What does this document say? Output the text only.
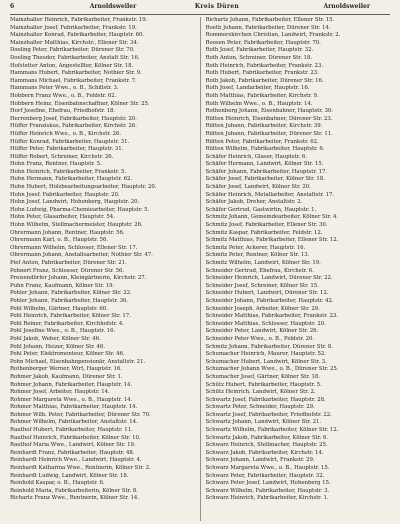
6	Arnoldsweiler	Kreis Düren	Arnoldsweiler
Mainzhalter Heinrich, Fabrikarbeiter, Frankstr. 19.
Mainzhalter Josef, Fabrikarbeiter, Frankstr. 19.
Mainzhalter Konrad, Fabrikarbeiter, Hauptstr. 60.
Mainzhalter Matthias, Kirchstr., Ellener Str. 34.
Doeling Peter, Fabrikarbeiter, Dürener Str. 70.
Doeling Theodor, Fabrikarbeiter, Anstalt Str. 16.
Hofstetter Anton, Angestellter, Kölner Str. 18.
Hammans Hubert, Fabrikarbeiter, Nothier Str. 9.
Hammans Michael, Fabrikarbeiter, Frankstr. 7.
Hammans Peter Wwe., o. B., Schillstr. 3.
Hobbern Franz Wwe., o. B., Feldstr. 62.
Hobbern Heinz, Eisenbahnschaffner, Kölner Str. 25.
Horf Josefine, Ehefrau, Friedhofstr. 18.
Herrenberg Josef, Fabrikarbeiter, Hauptstr. 20.
Hüffer Franziskus, Fabrikarbeiter, Kirchstr. 26.
Hüffer Heinrich Wwe., o. B., Kirchstr. 26.
Hüffer Konrad, Fabrikarbeiter, Hauptstr. 31.
Hüffer Peter, Fabrikarbeiter, Hauptstr. 31.
Hüffer Robert, Schreiner, Kirchstr. 26.
Hohn Franz, Rentner, Hauptstr. 5.
Hohn Heinrich, Fabrikarbeiter, Frankstr. 5.
Hohn Hermann, Fabrikarbeiter, Hauptstr. 62.
Hohn Hubert, Holzbearbeitungsarbeiter, Hauptstr. 20.
Hohn Josef, Fabrikarbeiter, Hauptstr. 20.
Hohn Josef, Landwirt, Hohenberg, Hauptstr. 20.
Hohn Ludwig, Pharma-Chemiearbeiter, Hauptstr. 5.
Hohn Peter, Glasarbeiter, Hauptstr. 54.
Hohn Wilhelm, Stellmachermeister, Hauptstr. 26.
Ohrermann Johann, Rentner, Hauptstr. 56.
Ohrermann Karl, o. B., Hauptstr. 56.
Ohrermann Wilhelm, Schlosser, Ellener Str. 17.
Ohrermann Johann, Anstaltsarbeiter, Nothier Str. 47.
Pief Anton, Fabrikarbeiter, Dürener Str. 21.
Pohnert Franz, Schlosser, Dürener Str. 56.
Preisendörfer Johann, Kleingärtnerin, Kirchstr. 27.
Puhn Franz, Kaufmann, Kölner Str. 19.
Pohler Johann, Fabrikarbeiter, Kölner Str. 22.
Pohler Johann, Fabrikarbeiter, Hauptstr. 36.
Pohl Wilhelm, Gärtner, Hauptstr. 60.
Pohl Heinrich, Fabrikarbeiter, Kölner Str. 17.
Pohl Reiner, Fabrikarbeiter, Kirchhofstr. 4.
Pohl Josefine Wwe., o. B., Hauptstr. 16.
Pohl Jakob, Weber, Kölner Str. 46.
Pohl Johann, Heizer, Kölner Str. 46.
Pohl Peter, Elektromonteur, Kölner Str. 46.
Pohn Michael, Eisenbahnpensionär, Anstaltstr. 21.
Rothenberger Werner, Wirt, Hauptstr. 16.
Rohmer Jakob, Kaufmann, Dürener Str. 1.
Rohmer Johann, Fabrikarbeiter, Hauptstr. 14.
Rohmer Josef, Arbeiter, Hauptstr. 14.
Rohmer Margareta Wwe., o. B., Hauptstr. 14.
Rohmer Matthias, Fabrikarbeiter, Hauptstr. 14.
Rohmer Wilh. Peter, Fabrikarbeiter, Dürener Str. 70.
Rohmer Wilhelm, Fabrikarbeiter, Anstaltstr. 14.
Rauthof Hubert, Fabrikarbeiter, Hauptstr. 11.
Rauthof Heinrich, Fabrikarbeiter, Kölner Str. 10.
Rauthof Maria Wwe., Landwirt, Kölner Str. 19.
Reinhardt Franz, Fabrikarbeiter, Hauptstr. 48.
Reinhardt Heinrich Wwe., Landwirt, Hauptstr. 4.
Reinhardt Katharina Wwe., Rentnerin, Kölner Str. 2.
Reinhardt Ludwig, Landwirt, Kölner Str. 18.
Reinhold Kaspar, o. B., Hauptstr. 6.
Reinhold Maria, Fabrikarbeiterin, Kölner Str. 8.
Richartz Franz Wwe., Rentnerin, Kölner Str. 14.
Richartz Johann, Fabrikarbeiter, Ellener Str. 15.
Roeth Johann, Fabrikarbeiter, Dürener Str. 14.
Rommerskirchen Christian, Landwirt, Frankstr. 2.
Roosen Peter, Fabrikarbeiter, Hauptstr. 70.
Roth Josef, Fabrikarbeiter, Hauptstr. 32.
Roth Anton, Schreiner, Dürener Str. 18.
Roth Heinrich, Fabrikarbeiter, Frankstr. 23.
Roth Hubert, Fabrikarbeiter, Frankstr. 23.
Roth Jakob, Fabrikarbeiter, Dürener Str. 16.
Roth Josef, Landarbeiter, Hauptstr. 16.
Roth Matthias, Fabrikarbeiter, Kirchstr. 9.
Roth Wilhelm Wwe., o. B., Hauptstr. 14.
Rothenberg Johann, Eisenbahner, Hauptstr. 30.
Rütten Heinrich, Eisenbahner, Dürener Str. 23.
Rütten Johann, Fabrikarbeiter, Kirchstr. 39.
Rütten Johann, Fabrikarbeiter, Dürener Str. 11.
Rütten Peter, Fabrikarbeiter, Frankstr. 62.
Rütten Wilhelm, Fabrikarbeiter, Hauptstr. 6.
Schäfer Heinrich, Glaser, Hauptstr. 6.
Schäfer Hermann, Landwirt, Kölner Str. 15.
Schäfer Johann, Fabrikarbeiter, Hauptstr. 17.
Schäfer Josef, Fabrikarbeiter, Kölner Str. 18.
Schäfer Josef, Landwirt, Kölner Str. 20.
Schäfer Heinrich, Metallarbeiter, Anstaltstr. 17.
Schäfer Jakob, Dreher, Anstaltstr. 2.
Schäfer Gertrud, Gastwirtin, Hauptstr. 1.
Schmitz Johann, Gemeindearbeiter, Kölner Str. 4.
Schmitz Josef, Fabrikarbeiter, Ellener Str. 30.
Schmitz Kaspar, Fabrikarbeiter, Feldstr. 12.
Schmitz Matthias, Fabrikarbeiter, Ellener Str. 12.
Schmitz Peter, Ackerer, Hauptstr. 16.
Schmitz Peter, Rentner, Kölner Str. 13.
Schmitz Wilhelm, Landwirt, Kölner Str. 19.
Schneider Gertrud, Ehefrau, Kirchstr. 6.
Schneider Heinrich, Landwirt, Dürener Str. 22.
Schneider Josef, Schreiner, Kölner Str. 15.
Schneider Hubert, Landwirt, Dürener Str. 12.
Schneider Johann, Fabrikarbeiter, Hauptstr. 42.
Schneider Joseph, Arbeiter, Kölner Str. 29.
Schneider Matthias, Fabrikarbeiter, Frankstr. 23.
Schneider Matthias, Schlosser, Hauptstr. 20.
Schneider Peter, Landwirt, Kölner Str. 26.
Schneider Peter Wwe., o. B., Feldstr. 20.
Schmitz Johann, Fabrikarbeiter, Dürener Str. 8.
Schumacher Heinrich, Maurer, Hauptstr. 52.
Schumacher Hubert, Landwirt, Kölner Str. 3.
Schumacher Johann Wwe., o. B., Dürener Str. 25.
Schumacher Josef, Gärtner, Kölner Str. 18.
Schütz Hubert, Fabrikarbeiter, Hauptstr. 5.
Schütz Heinrich, Landwirt, Kölner Str. 2.
Schwartz Josef, Fabrikarbeiter, Hauptstr. 28.
Schwartz Peter, Schneider, Hauptstr. 29.
Schwartz Josef, Fabrikarbeiter, Friedhofstr. 22.
Schwartz Johann, Landwirt, Kölner Str. 21.
Schwartz Wilhelm, Fabrikarbeiter, Kölner Str. 12.
Schwartz Jakob, Fabrikarbeiter, Kölner Str. 6.
Schwarz Heinrich, Stellmacher, Hauptstr. 25.
Schwarz Jakob, Fabrikarbeiter, Kirchstr. 14.
Schwarz Johann, Landwirt, Frankstr. 29.
Schwarz Margareta Wwe., o. B., Hauptstr. 15.
Schwarz Peter, Fabrikarbeiter, Hauptstr. 32.
Schwarz Peter Josef, Landwirt, Hohenberg 15.
Schwarz Wilhelm, Fabrikarbeiter, Hauptstr. 3.
Schwarz Heinrich, Fabrikarbeiter, Kirchstr. 1.
